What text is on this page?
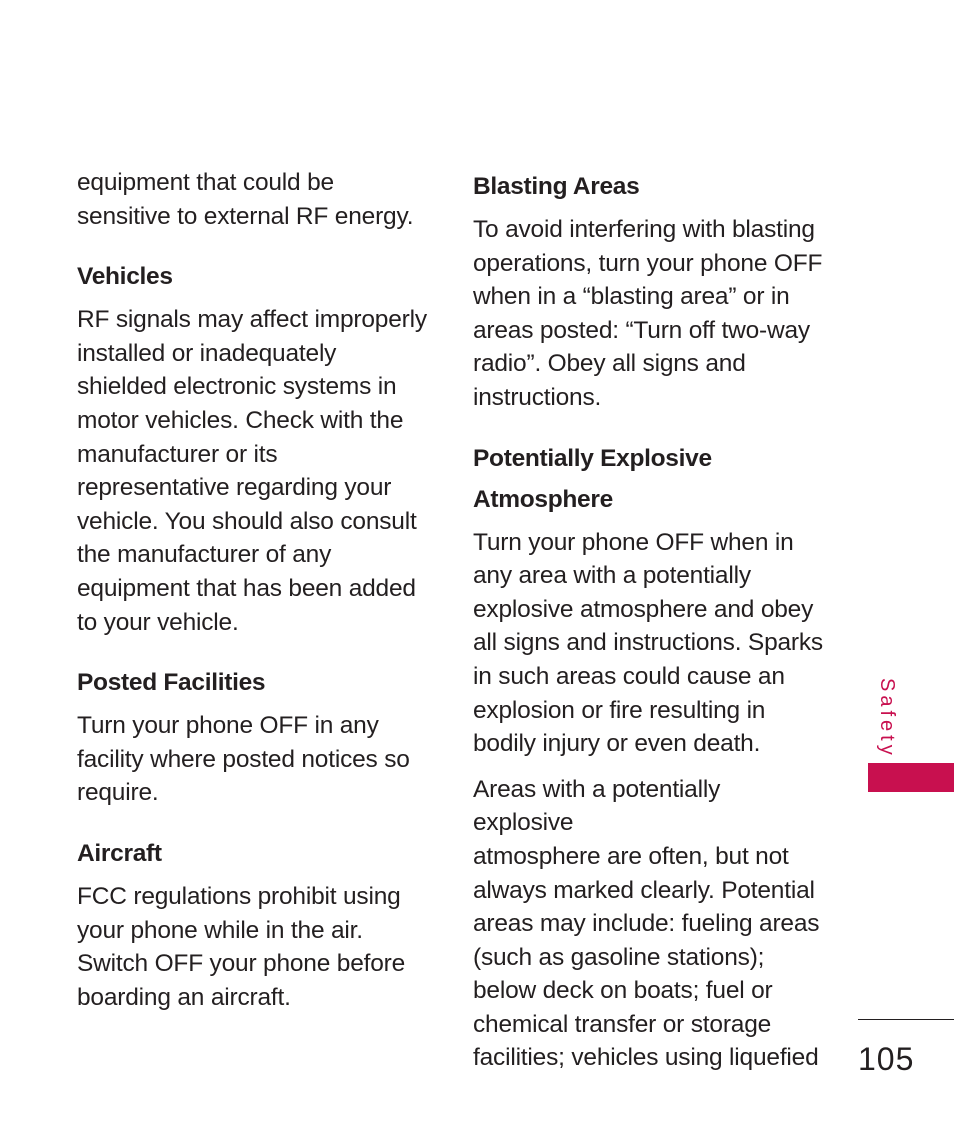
equipment that could be
sensitive to external RF energy.

Vehicles

RF signals may affect improperly
installed or inadequately
shielded electronic systems in
motor vehicles. Check with the
manufacturer or its
representative regarding your
vehicle. You should also consult
the manufacturer of any
equipment that has been added
to your vehicle.

Posted Facilities

Turn your phone OFF in any
facility where posted notices so
require.

Aircraft

FCC regulations prohibit using
your phone while in the air.
Switch OFF your phone before
boarding an aircraft.

Blasting Areas

To avoid interfering with blasting
operations, turn your phone OFF
when in a “blasting area” or in
areas posted: “Turn off two-way
radio”. Obey all signs and
instructions.

Potentially Explosive
Atmosphere

Turn your phone OFF when in
any area with a potentially
explosive atmosphere and obey
all signs and instructions. Sparks
in such areas could cause an
explosion or fire resulting in
bodily injury or even death.

Areas with a potentially explosive
atmosphere are often, but not
always marked clearly. Potential
areas may include: fueling areas
(such as gasoline stations);
below deck on boats; fuel or
chemical transfer or storage
facilities; vehicles using liquefied

Safety
105
